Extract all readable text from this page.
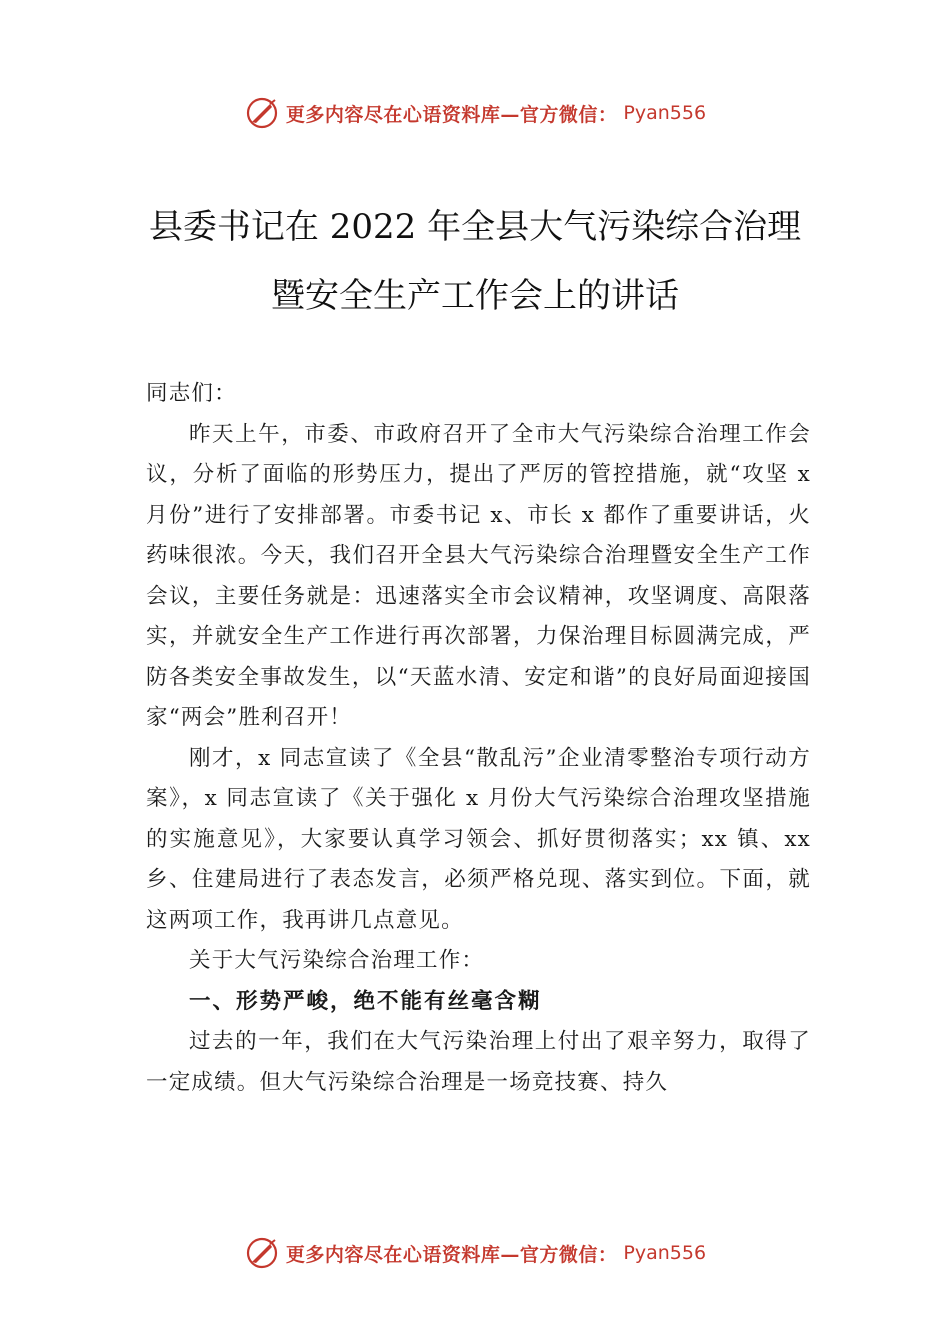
更多内容尽在心语资料库—官方微信： Pyan556
县委书记在 2022 年全县大气污染综合治理
暨安全生产工作会上的讲话

同志们：

昨天上午，市委、市政府召开了全市大气污染综合治理工作会议，分析了面临的形势压力，提出了严厉的管控措施，就“攻坚 x 月份”进行了安排部署。市委书记 x、市长 x 都作了重要讲话，火药味很浓。今天，我们召开全县大气污染综合治理暨安全生产工作会议，主要任务就是：迅速落实全市会议精神，攻坚调度、高限落实，并就安全生产工作进行再次部署，力保治理目标圆满完成，严防各类安全事故发生，以“天蓝水清、安定和谐”的良好局面迎接国家“两会”胜利召开！

刚才，x 同志宣读了《全县“散乱污”企业清零整治专项行动方案》，x 同志宣读了《关于强化 x 月份大气污染综合治理攻坚措施的实施意见》，大家要认真学习领会、抓好贯彻落实；xx 镇、xx 乡、住建局进行了表态发言，必须严格兑现、落实到位。下面，就这两项工作，我再讲几点意见。

关于大气污染综合治理工作：

一、形势严峻，绝不能有丝毫含糊

过去的一年，我们在大气污染治理上付出了艰辛努力，取得了一定成绩。但大气污染综合治理是一场竞技赛、持久

更多内容尽在心语资料库—官方微信： Pyan556
